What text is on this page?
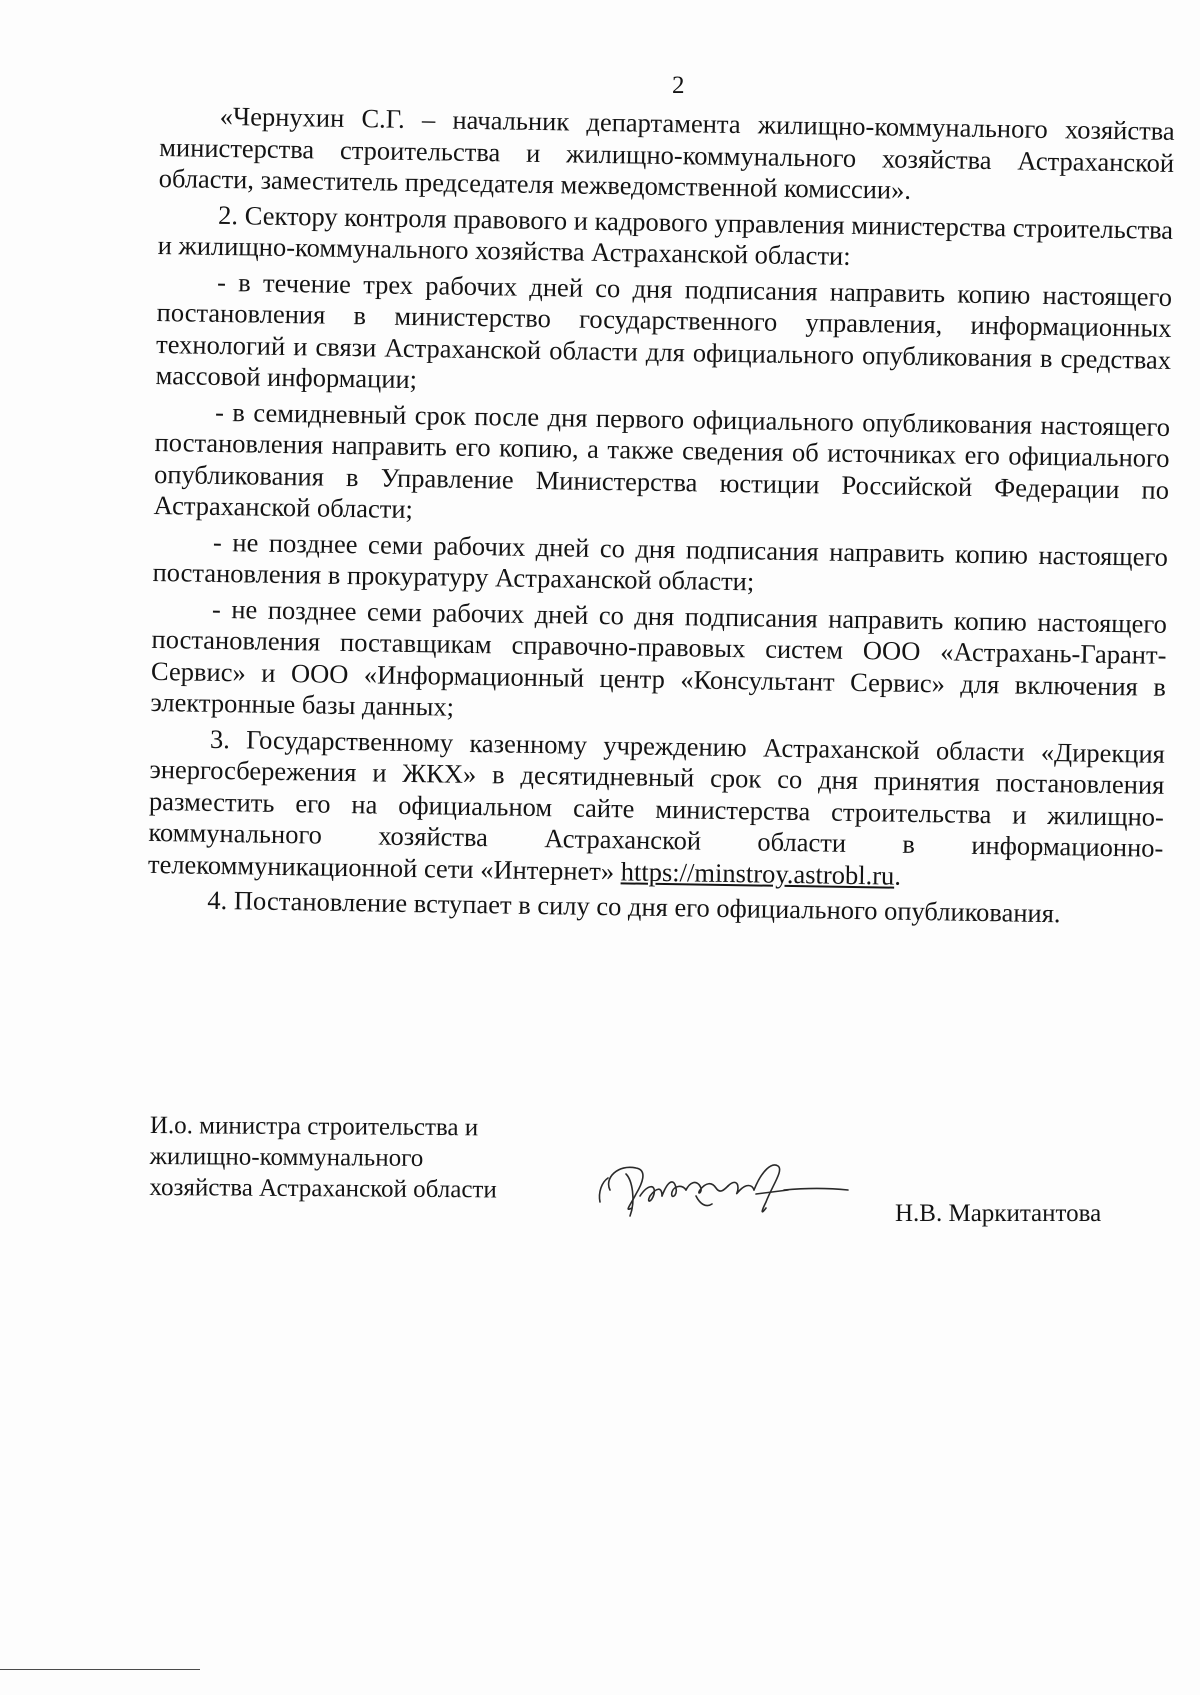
2

«Чернухин С.Г. – начальник департамента жилищно-коммунального хозяйства министерства строительства и жилищно-коммунального хозяйства Астраханской области, заместитель председателя межведомственной комиссии».

2. Сектору контроля правового и кадрового управления министерства строительства и жилищно-коммунального хозяйства Астраханской области:

- в течение трех рабочих дней со дня подписания направить копию настоящего постановления в министерство государственного управления, информационных технологий и связи Астраханской области для официального опубликования в средствах массовой информации;

- в семидневный срок после дня первого официального опубликования настоящего постановления направить его копию, а также сведения об источниках его официального опубликования в Управление Министерства юстиции Российской Федерации по Астраханской области;

- не позднее семи рабочих дней со дня подписания направить копию настоящего постановления в прокуратуру Астраханской области;

- не позднее семи рабочих дней со дня подписания направить копию настоящего постановления поставщикам справочно-правовых систем ООО «Астрахань-Гарант-Сервис» и ООО «Информационный центр «Консультант Сервис» для включения в электронные базы данных;

3. Государственному казенному учреждению Астраханской области «Дирекция энергосбережения и ЖКХ» в десятидневный срок со дня принятия постановления разместить его на официальном сайте министерства строительства и жилищно-коммунального хозяйства Астраханской области в информационно-телекоммуникационной сети «Интернет» https://minstroy.astrobl.ru.

4. Постановление вступает в силу со дня его официального опубликования.

И.о. министра строительства и
жилищно-коммунального
хозяйства Астраханской области
Н.В. Маркитантова
